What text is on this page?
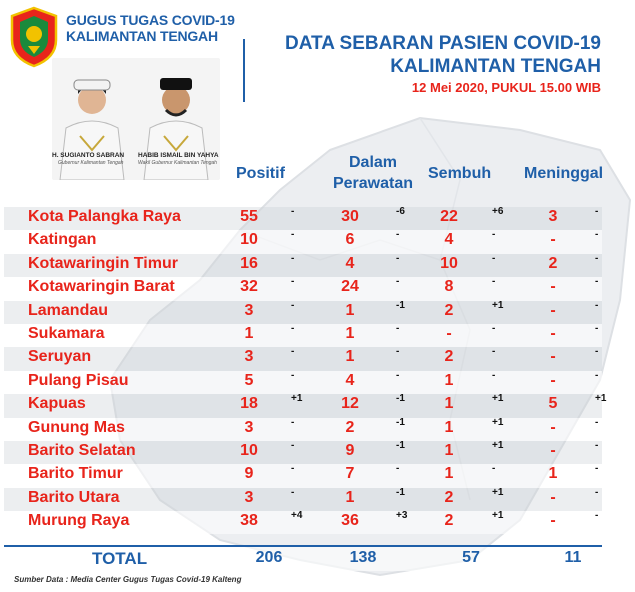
GUGUS TUGAS COVID-19
KALIMANTAN TENGAH
H. SUGIANTO SABRAN
Gubernur Kalimantan Tengah
HABIB ISMAIL BIN YAHYA
Wakil Gubernur Kalimantan Tengah
DATA SEBARAN PASIEN COVID-19
KALIMANTAN TENGAH
12 Mei 2020, PUKUL 15.00 WIB
Positif
Dalam
Perawatan
Sembuh Meninggal
Kota Palangka Raya	55	-	30	-6	22	+6	3	-
Katingan	10	-	6	-	4	-	-	-
Kotawaringin Timur	16	-	4	-	10	-	2	-
Kotawaringin Barat	32	-	24	-	8	-	-	-
Lamandau	3	-	1	-1	2	+1	-	-
Sukamara	1	-	1	-	-	-	-	-
Seruyan	3	-	1	-	2	-	-	-
Pulang Pisau	5	-	4	-	1	-	-	-
Kapuas	18	+1	12	-1	1	+1	5	+1
Gunung Mas	3	-	2	-1	1	+1	-	-
Barito Selatan	10	-	9	-1	1	+1	-	-
Barito Timur	9	-	7	-	1	-	1	-
Barito Utara	3	-	1	-1	2	+1	-	-
Murung Raya	38	+4	36	+3	2	+1	-	-
TOTAL	206	138	57	11
Sumber Data : Media Center Gugus Tugas Covid-19 Kalteng
